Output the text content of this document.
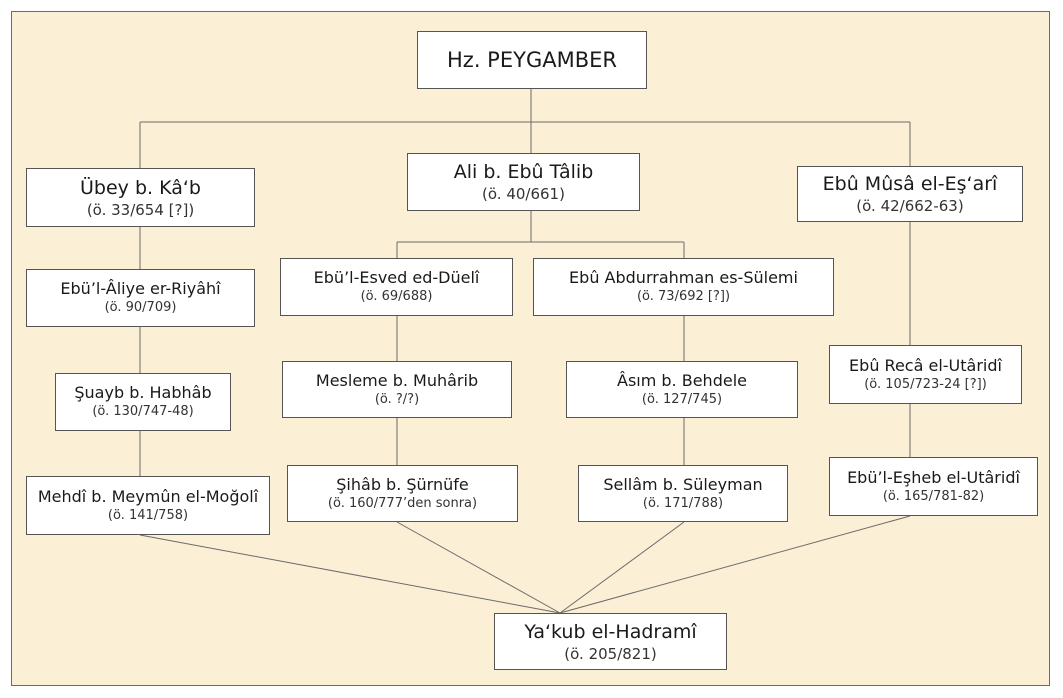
Hz. PEYGAMBER
Übey b. Kâ‘b
(ö. 33/654 [?])
Ali b. Ebû Tâlib
(ö. 40/661)	Ebû Mûsâ el-Eş‘arî
(ö. 42/662-63)
Ebü’l-Âliye er-Riyâhî
(ö. 90/709)
Ebü’l-Esved ed-Düelî
(ö. 69/688)
Ebû Abdurrahman es-Sülemi
(ö. 73/692 [?])
Ebû Recâ el-Utâridî
(ö. 105/723-24 [?])
Şuayb b. Habhâb
(ö. 130/747-48)
Mesleme b. Muhârib
(ö. ?/?)
Âsım b. Behdele
(ö. 127/745)
Ebü’l-Eşheb el-Utâridî
(ö. 165/781-82)
Mehdî b. Meymûn el-Moğolî
(ö. 141/758)
Şihâb b. Şürnüfe
(ö. 160/777’den sonra)
Sellâm b. Süleyman
(ö. 171/788)
Ya‘kub el-Hadramî
(ö. 205/821)
